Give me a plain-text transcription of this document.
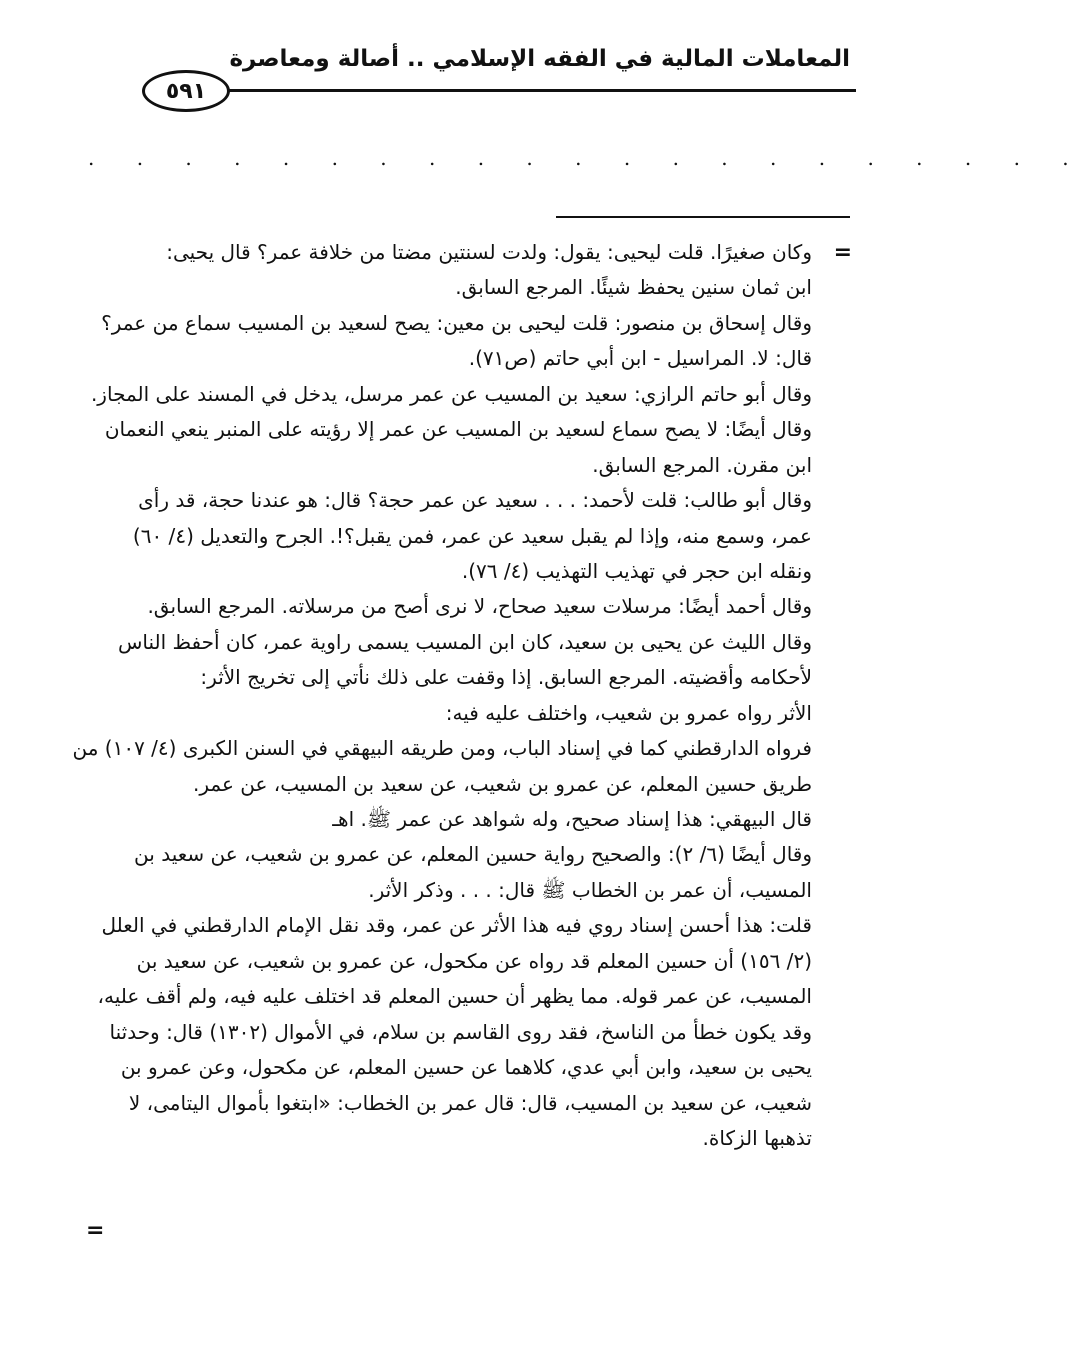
المعاملات المالية في الفقه الإسلامي .. أصالة ومعاصرة
٥٩١
. . . . . . . . . . . . . . . . . . . . .
=
وكان صغيرًا. قلت ليحيى: يقول: ولدت لسنتين مضتا من خلافة عمر؟ قال يحيى:
ابن ثمان سنين يحفظ شيئًا. المرجع السابق.
وقال إسحاق بن منصور: قلت ليحيى بن معين: يصح لسعيد بن المسيب سماع من عمر؟
قال: لا. المراسيل - ابن أبي حاتم (ص٧١).
وقال أبو حاتم الرازي: سعيد بن المسيب عن عمر مرسل، يدخل في المسند على المجاز.
وقال أيضًا: لا يصح سماع لسعيد بن المسيب عن عمر إلا رؤيته على المنبر ينعي النعمان
ابن مقرن. المرجع السابق.
وقال أبو طالب: قلت لأحمد: . . . سعيد عن عمر حجة؟ قال: هو عندنا حجة، قد رأى
عمر، وسمع منه، وإذا لم يقبل سعيد عن عمر، فمن يقبل؟!. الجرح والتعديل (٤/ ٦٠)
ونقله ابن حجر في تهذيب التهذيب (٤/ ٧٦).
وقال أحمد أيضًا: مرسلات سعيد صحاح، لا نرى أصح من مرسلاته. المرجع السابق.
وقال الليث عن يحيى بن سعيد، كان ابن المسيب يسمى راوية عمر، كان أحفظ الناس
لأحكامه وأقضيته. المرجع السابق. إذا وقفت على ذلك نأتي إلى تخريج الأثر:
الأثر رواه عمرو بن شعيب، واختلف عليه فيه:
فرواه الدارقطني كما في إسناد الباب، ومن طريقه البيهقي في السنن الكبرى (٤/ ١٠٧) من
طريق حسين المعلم، عن عمرو بن شعيب، عن سعيد بن المسيب، عن عمر.
قال البيهقي: هذا إسناد صحيح، وله شواهد عن عمر ﷺ. اهـ
وقال أيضًا (٦/ ٢): والصحيح رواية حسين المعلم، عن عمرو بن شعيب، عن سعيد بن
المسيب، أن عمر بن الخطاب ﷺ قال: . . . وذكر الأثر.
قلت: هذا أحسن إسناد روي فيه هذا الأثر عن عمر، وقد نقل الإمام الدارقطني في العلل
(٢/ ١٥٦) أن حسين المعلم قد رواه عن مكحول، عن عمرو بن شعيب، عن سعيد بن
المسيب، عن عمر قوله. مما يظهر أن حسين المعلم قد اختلف عليه فيه، ولم أقف عليه،
وقد يكون خطأ من الناسخ، فقد روى القاسم بن سلام، في الأموال (١٣٠٢) قال: وحدثنا
يحيى بن سعيد، وابن أبي عدي، كلاهما عن حسين المعلم، عن مكحول، وعن عمرو بن
شعيب، عن سعيد بن المسيب، قال: قال عمر بن الخطاب: «ابتغوا بأموال اليتامى، لا
تذهبها الزكاة.
=
